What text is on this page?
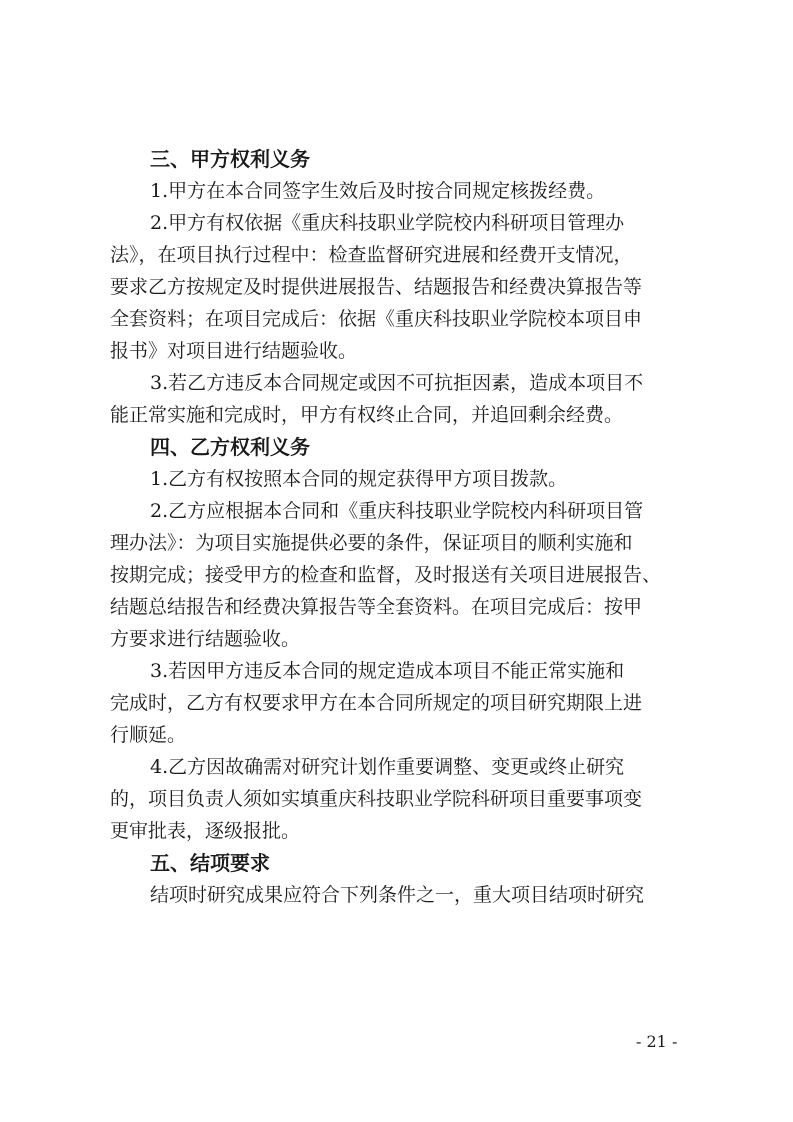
三、甲方权利义务
1.甲方在本合同签字生效后及时按合同规定核拨经费。
2.甲方有权依据《重庆科技职业学院校内科研项目管理办
法》，在项目执行过程中：检查监督研究进展和经费开支情况，
要求乙方按规定及时提供进展报告、结题报告和经费决算报告等
全套资料；在项目完成后：依据《重庆科技职业学院校本项目申
报书》对项目进行结题验收。
3.若乙方违反本合同规定或因不可抗拒因素，造成本项目不
能正常实施和完成时，甲方有权终止合同，并追回剩余经费。
四、乙方权利义务
1.乙方有权按照本合同的规定获得甲方项目拨款。
2.乙方应根据本合同和《重庆科技职业学院校内科研项目管
理办法》：为项目实施提供必要的条件，保证项目的顺利实施和
按期完成；接受甲方的检查和监督，及时报送有关项目进展报告、
结题总结报告和经费决算报告等全套资料。在项目完成后：按甲
方要求进行结题验收。
3.若因甲方违反本合同的规定造成本项目不能正常实施和
完成时，乙方有权要求甲方在本合同所规定的项目研究期限上进
行顺延。
4.乙方因故确需对研究计划作重要调整、变更或终止研究
的，项目负责人须如实填重庆科技职业学院科研项目重要事项变
更审批表，逐级报批。
五、结项要求
结项时研究成果应符合下列条件之一，重大项目结项时研究
- 21 -
